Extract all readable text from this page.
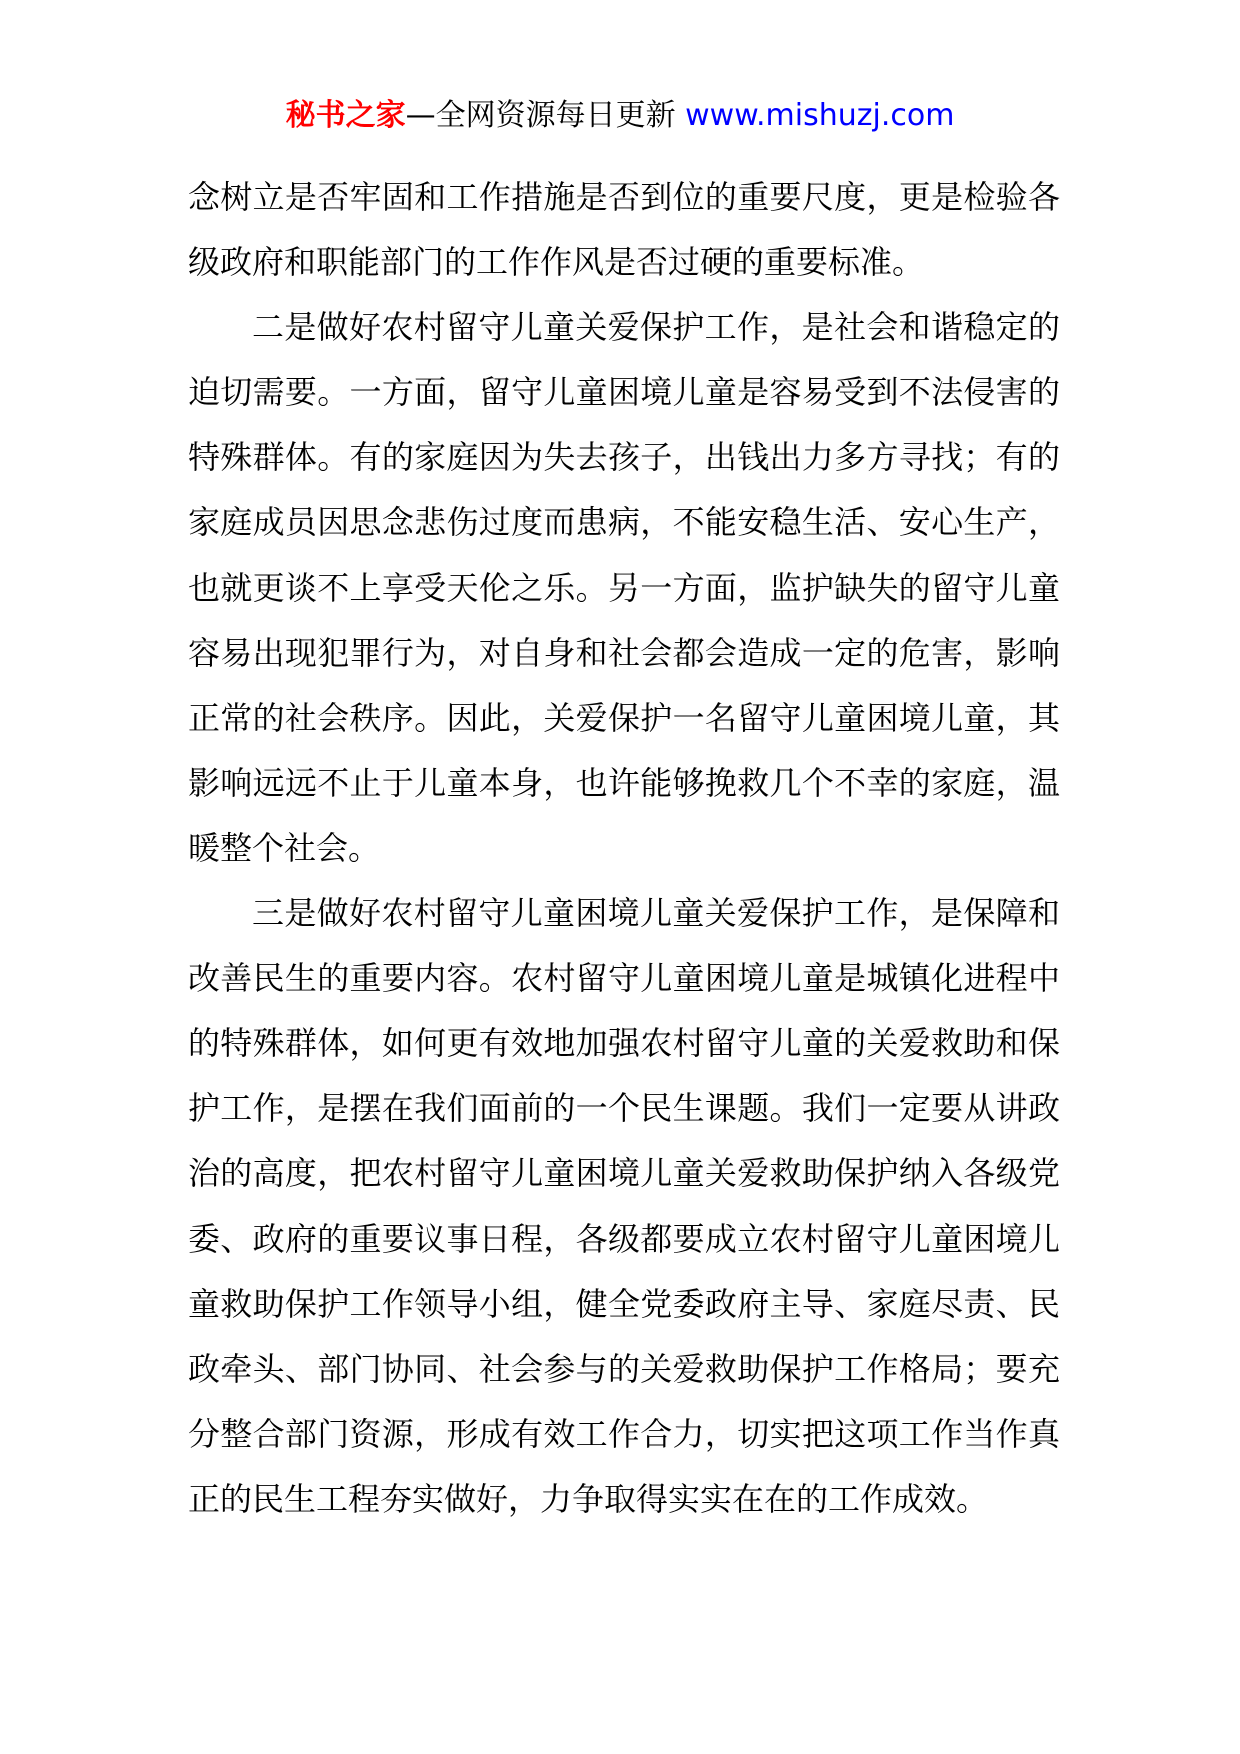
秘书之家—全网资源每日更新 www.mishuzj.com

念树立是否牢固和工作措施是否到位的重要尺度，更是检验各级政府和职能部门的工作作风是否过硬的重要标准。

二是做好农村留守儿童关爱保护工作，是社会和谐稳定的迫切需要。一方面，留守儿童困境儿童是容易受到不法侵害的特殊群体。有的家庭因为失去孩子，出钱出力多方寻找；有的家庭成员因思念悲伤过度而患病，不能安稳生活、安心生产，也就更谈不上享受天伦之乐。另一方面，监护缺失的留守儿童容易出现犯罪行为，对自身和社会都会造成一定的危害，影响正常的社会秩序。因此，关爱保护一名留守儿童困境儿童，其影响远远不止于儿童本身，也许能够挽救几个不幸的家庭，温暖整个社会。

三是做好农村留守儿童困境儿童关爱保护工作，是保障和改善民生的重要内容。农村留守儿童困境儿童是城镇化进程中的特殊群体，如何更有效地加强农村留守儿童的关爱救助和保护工作，是摆在我们面前的一个民生课题。我们一定要从讲政治的高度，把农村留守儿童困境儿童关爱救助保护纳入各级党委、政府的重要议事日程，各级都要成立农村留守儿童困境儿童救助保护工作领导小组，健全党委政府主导、家庭尽责、民政牵头、部门协同、社会参与的关爱救助保护工作格局；要充分整合部门资源，形成有效工作合力，切实把这项工作当作真正的民生工程夯实做好，力争取得实实在在的工作成效。
